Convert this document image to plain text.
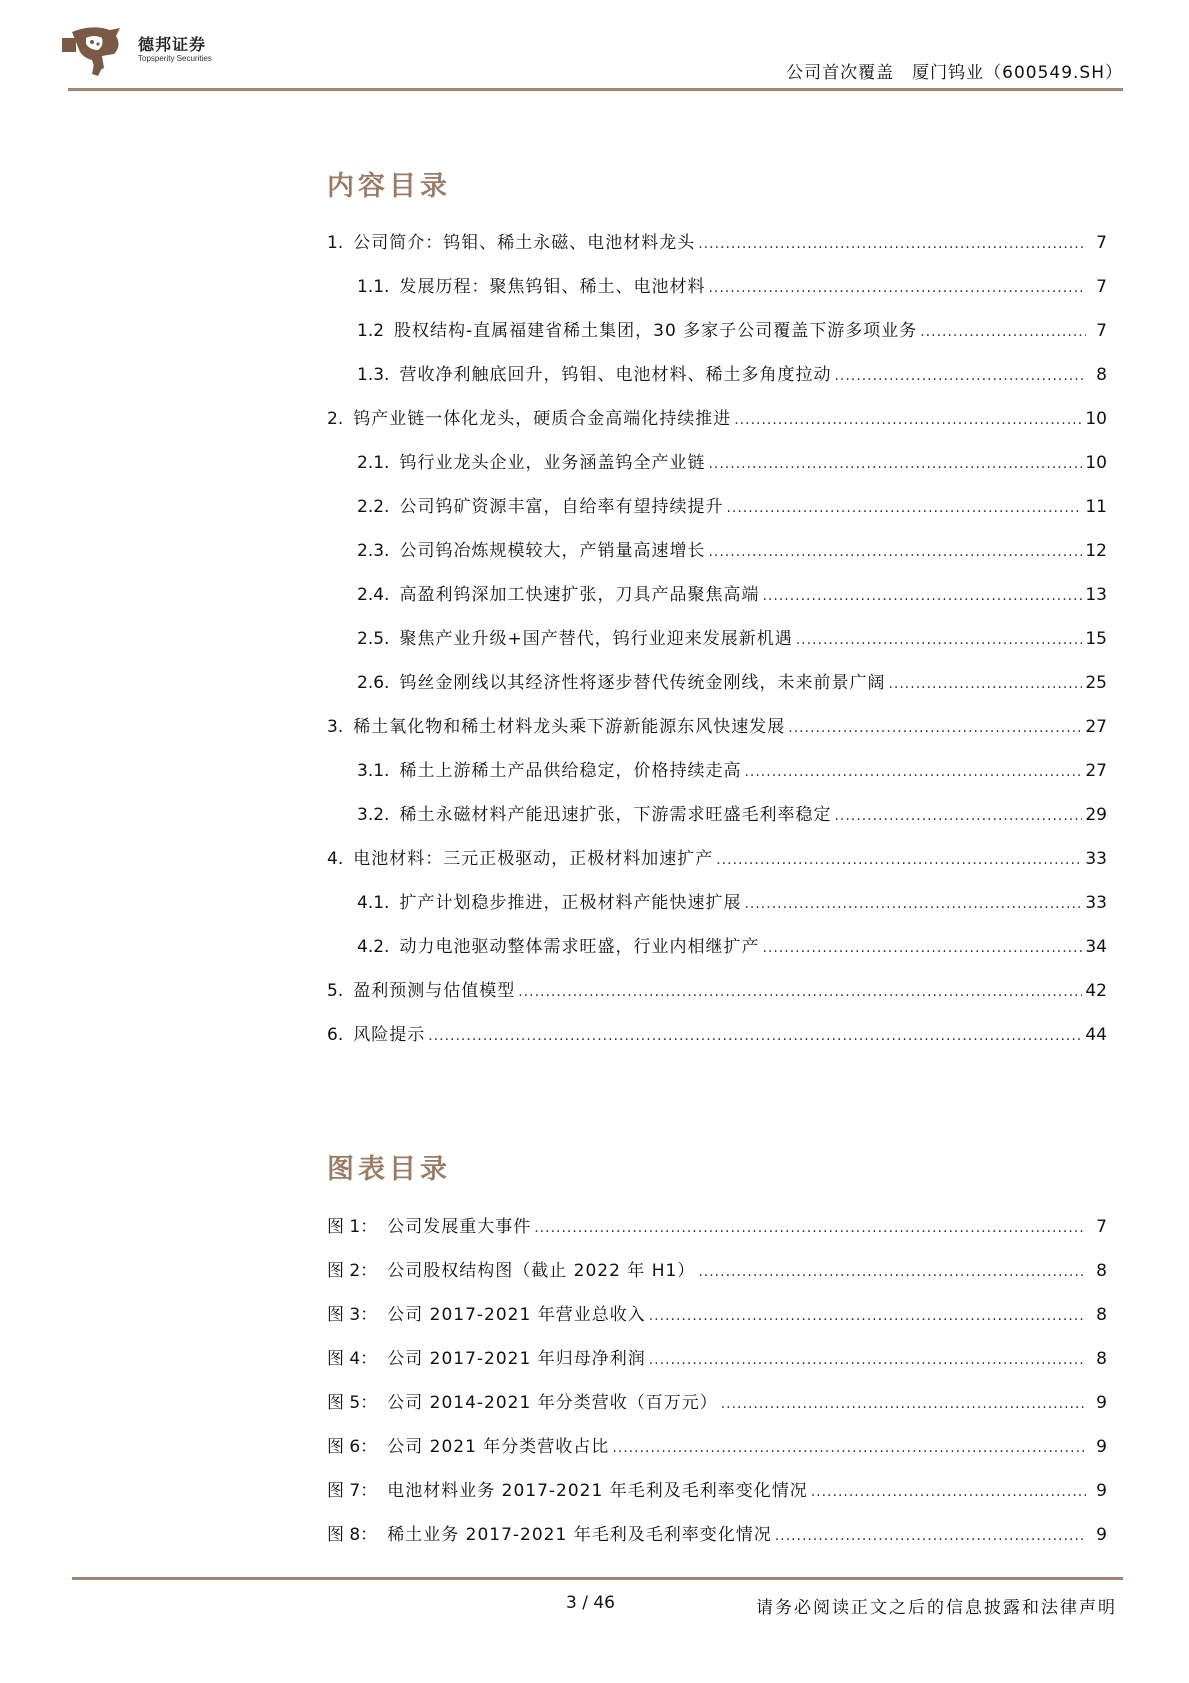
德邦证券
Topsperity Securities
公司首次覆盖　厦门钨业（600549.SH）
内容目录
1. 公司简介：钨钼、稀土永磁、电池材料龙头 .....	7
1.1. 发展历程：聚焦钨钼、稀土、电池材料 .....	7
1.2 股权结构-直属福建省稀土集团，30 多家子公司覆盖下游多项业务 .....	7
1.3. 营收净利触底回升，钨钼、电池材料、稀土多角度拉动 .....	8
2. 钨产业链一体化龙头，硬质合金高端化持续推进 .....	10
2.1. 钨行业龙头企业，业务涵盖钨全产业链 .....	10
2.2. 公司钨矿资源丰富，自给率有望持续提升 .....	11
2.3. 公司钨冶炼规模较大，产销量高速增长 .....	12
2.4. 高盈利钨深加工快速扩张，刀具产品聚焦高端 .....	13
2.5. 聚焦产业升级+国产替代，钨行业迎来发展新机遇 .....	15
2.6. 钨丝金刚线以其经济性将逐步替代传统金刚线，未来前景广阔 .....	25
3. 稀土氧化物和稀土材料龙头乘下游新能源东风快速发展 .....	27
3.1. 稀土上游稀土产品供给稳定，价格持续走高 .....	27
3.2. 稀土永磁材料产能迅速扩张，下游需求旺盛毛利率稳定 .....	29
4. 电池材料：三元正极驱动，正极材料加速扩产 .....	33
4.1. 扩产计划稳步推进，正极材料产能快速扩展 .....	33
4.2. 动力电池驱动整体需求旺盛，行业内相继扩产 .....	34
5. 盈利预测与估值模型 .....	42
6. 风险提示 .....	44
图表目录
图 1： 公司发展重大事件 .....	7
图 2： 公司股权结构图（截止 2022 年 H1） .....	8
图 3： 公司 2017-2021 年营业总收入 .....	8
图 4： 公司 2017-2021 年归母净利润 .....	8
图 5： 公司 2014-2021 年分类营收（百万元） .....	9
图 6： 公司 2021 年分类营收占比 .....	9
图 7： 电池材料业务 2017-2021 年毛利及毛利率变化情况 .....	9
图 8： 稀土业务 2017-2021 年毛利及毛利率变化情况 .....	9
3 / 46	请务必阅读正文之后的信息披露和法律声明
